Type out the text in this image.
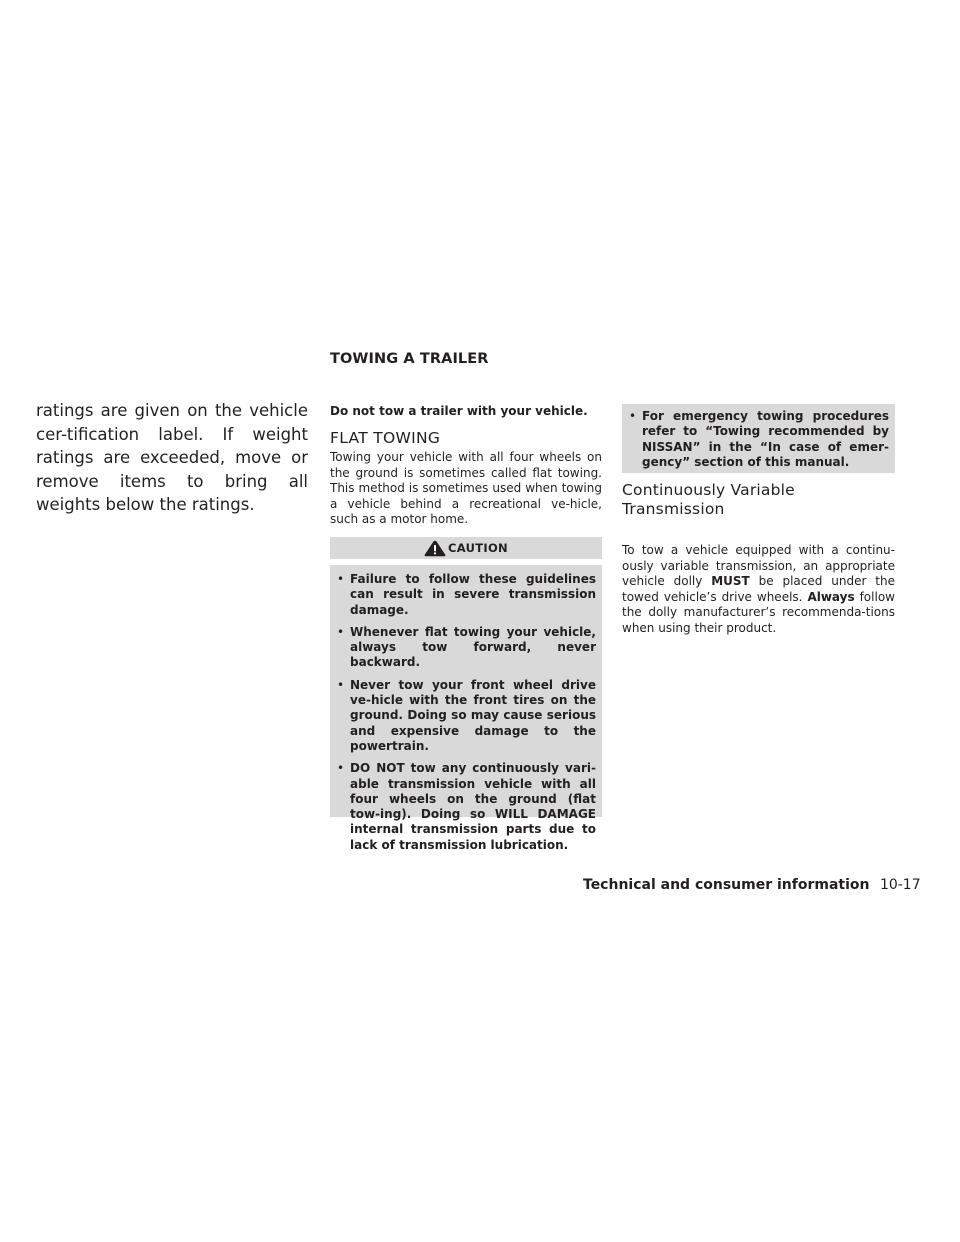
TOWING A TRAILER
ratings are given on the vehicle cer-tification label. If weight ratings are exceeded, move or remove items to bring all weights below the ratings.
Do not tow a trailer with your vehicle.
FLAT TOWING
Towing your vehicle with all four wheels on the ground is sometimes called flat towing. This method is sometimes used when towing a vehicle behind a recreational ve-hicle, such as a motor home.
CAUTION
• Failure to follow these guidelines can result in severe transmission damage.
• Whenever flat towing your vehicle, always tow forward, never backward.
• Never tow your front wheel drive ve-hicle with the front tires on the ground. Doing so may cause serious and expensive damage to the powertrain.
• DO NOT tow any continuously vari-able transmission vehicle with all four wheels on the ground (flat tow-ing). Doing so WILL DAMAGE internal transmission parts due to lack of transmission lubrication.
• For emergency towing procedures refer to “Towing recommended by NISSAN” in the “In case of emer-gency” section of this manual.
Continuously Variable
Transmission
To tow a vehicle equipped with a continu-ously variable transmission, an appropriate vehicle dolly MUST be placed under the towed vehicle’s drive wheels. Always follow the dolly manufacturer’s recommenda-tions when using their product.
Technical and consumer information 10-17
